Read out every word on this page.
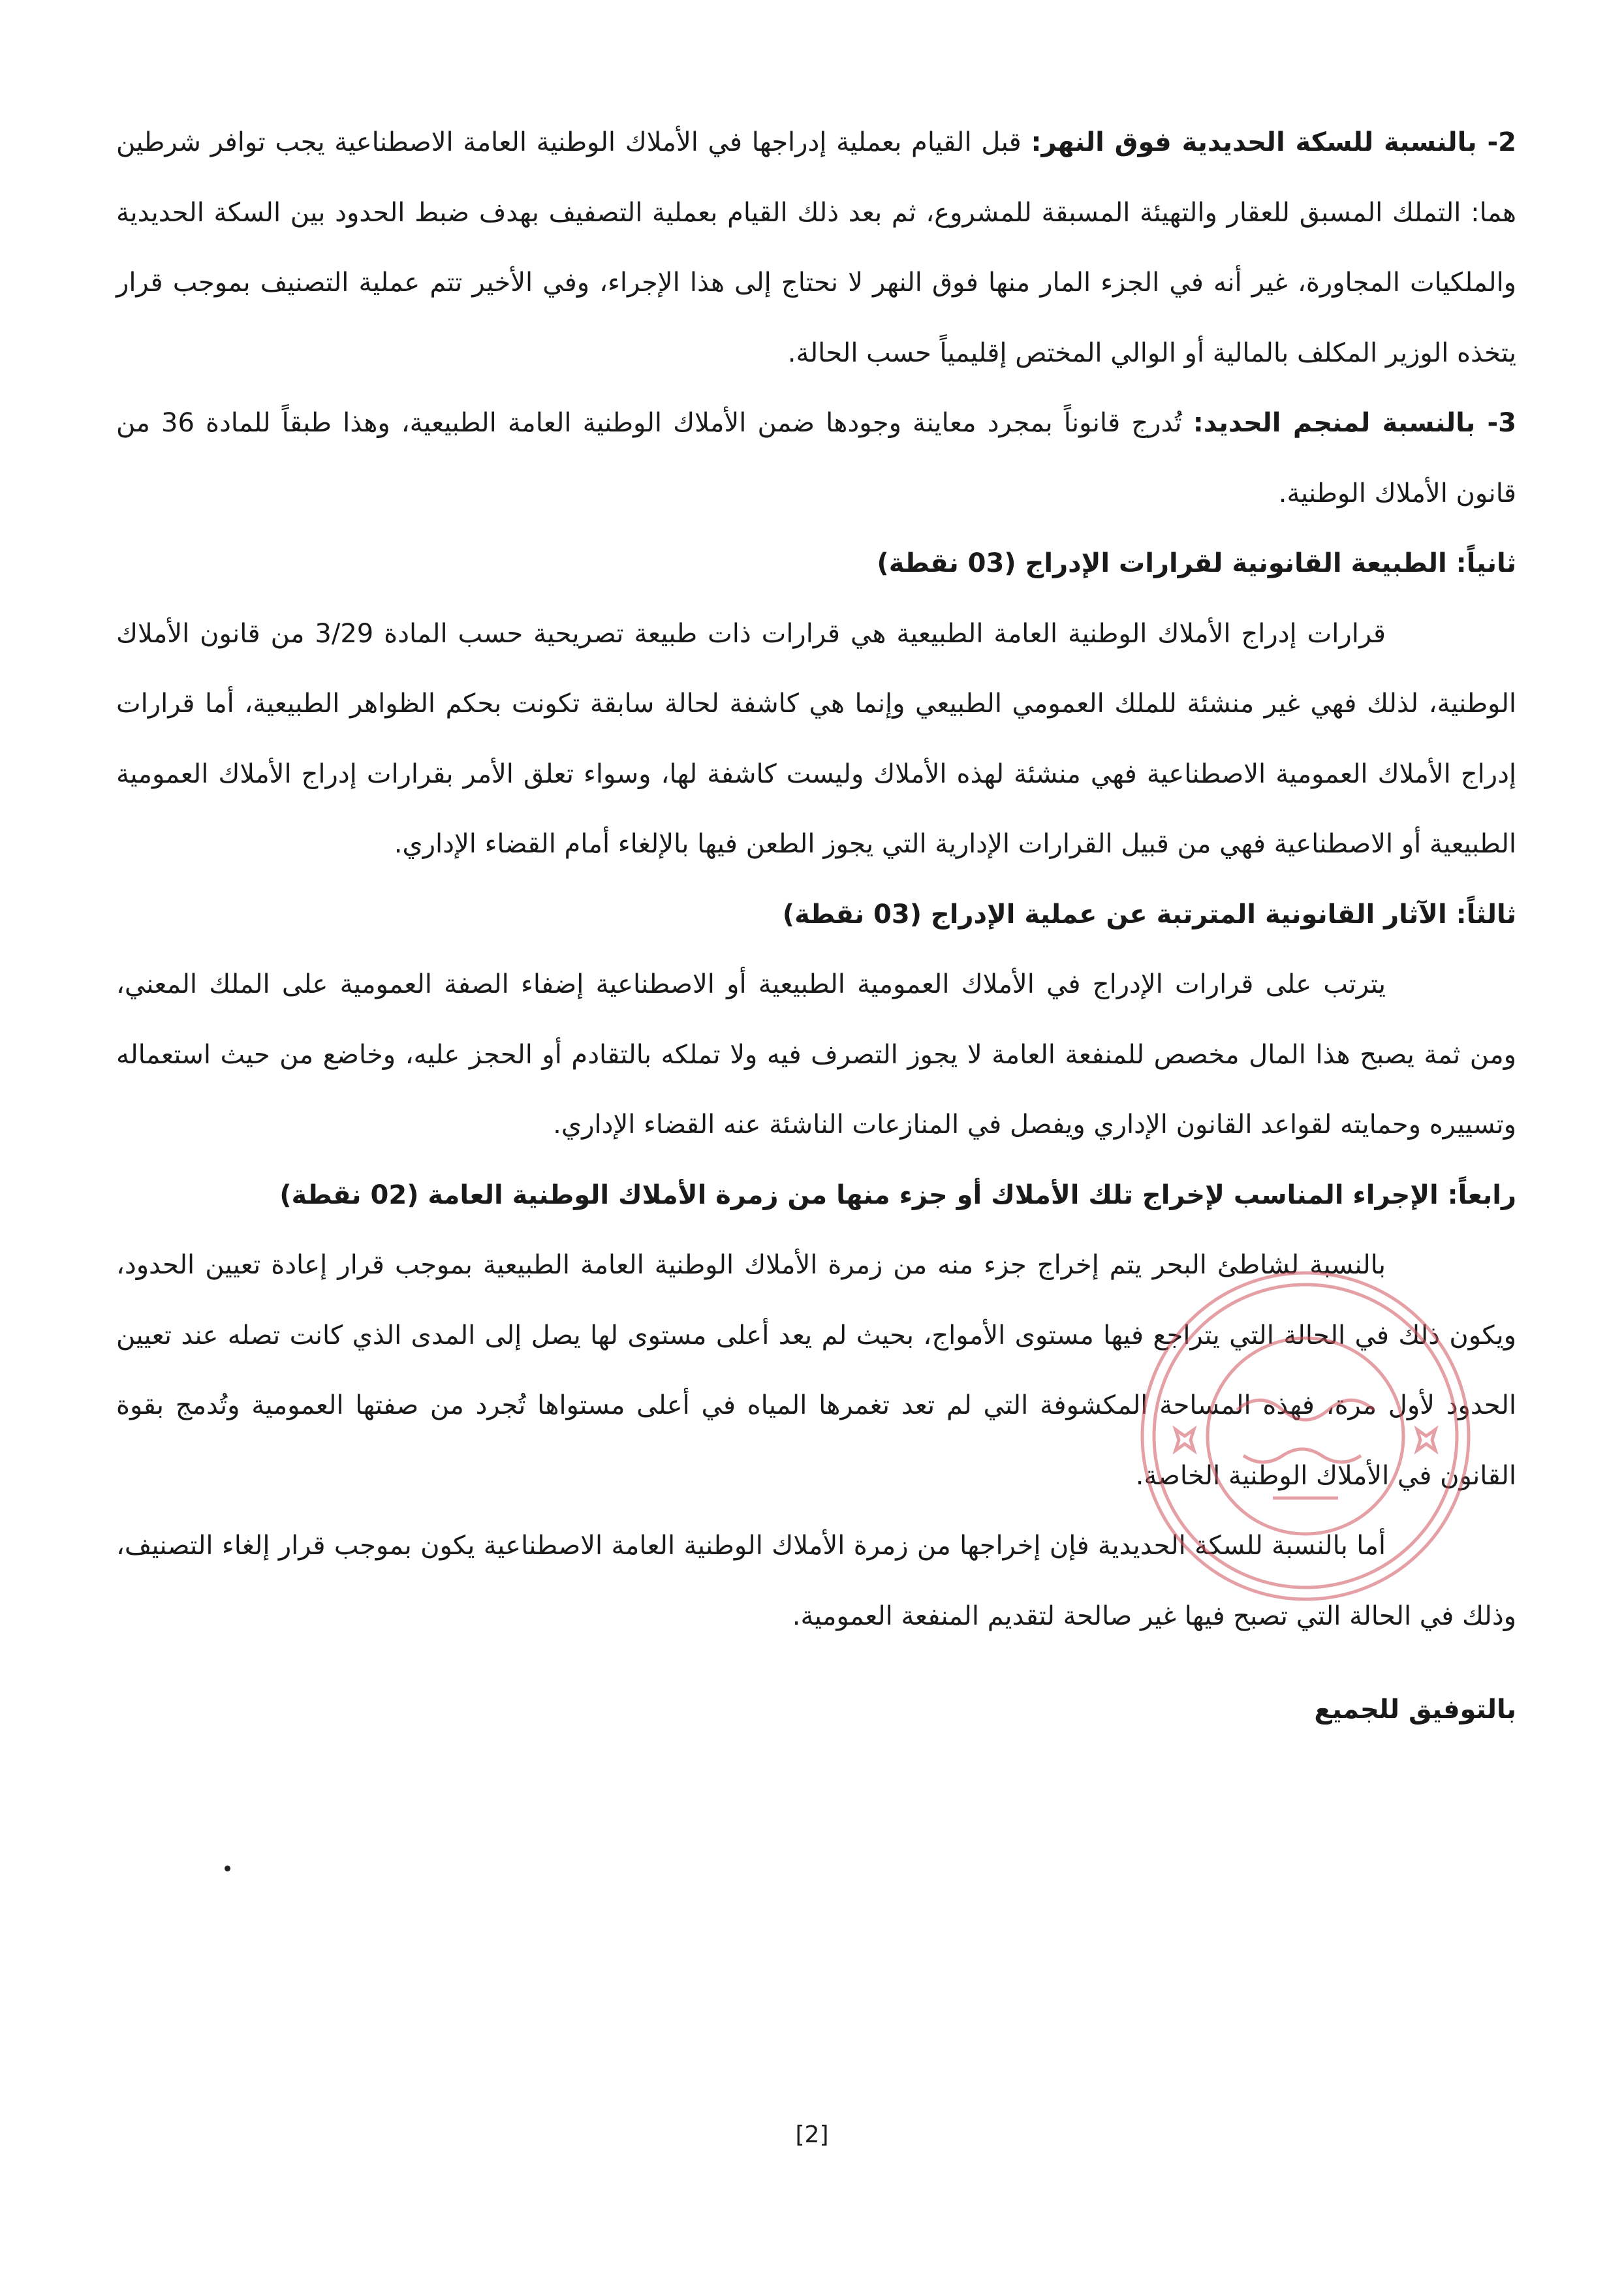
2- بالنسبة للسكة الحديدية فوق النهر: قبل القيام بعملية إدراجها في الأملاك الوطنية العامة الاصطناعية يجب توافر شرطين هما: التملك المسبق للعقار والتهيئة المسبقة للمشروع، ثم بعد ذلك القيام بعملية التصفيف بهدف ضبط الحدود بين السكة الحديدية والملكيات المجاورة، غير أنه في الجزء المار منها فوق النهر لا نحتاج إلى هذا الإجراء، وفي الأخير تتم عملية التصنيف بموجب قرار يتخذه الوزير المكلف بالمالية أو الوالي المختص إقليمياً حسب الحالة.

3- بالنسبة لمنجم الحديد: تُدرج قانوناً بمجرد معاينة وجودها ضمن الأملاك الوطنية العامة الطبيعية، وهذا طبقاً للمادة 36 من قانون الأملاك الوطنية.

ثانياً: الطبيعة القانونية لقرارات الإدراج (03 نقطة)

قرارات إدراج الأملاك الوطنية العامة الطبيعية هي قرارات ذات طبيعة تصريحية حسب المادة 3/29 من قانون الأملاك الوطنية، لذلك فهي غير منشئة للملك العمومي الطبيعي وإنما هي كاشفة لحالة سابقة تكونت بحكم الظواهر الطبيعية، أما قرارات إدراج الأملاك العمومية الاصطناعية فهي منشئة لهذه الأملاك وليست كاشفة لها، وسواء تعلق الأمر بقرارات إدراج الأملاك العمومية الطبيعية أو الاصطناعية فهي من قبيل القرارات الإدارية التي يجوز الطعن فيها بالإلغاء أمام القضاء الإداري.

ثالثاً: الآثار القانونية المترتبة عن عملية الإدراج (03 نقطة)

يترتب على قرارات الإدراج في الأملاك العمومية الطبيعية أو الاصطناعية إضفاء الصفة العمومية على الملك المعني، ومن ثمة يصبح هذا المال مخصص للمنفعة العامة لا يجوز التصرف فيه ولا تملكه بالتقادم أو الحجز عليه، وخاضع من حيث استعماله وتسييره وحمايته لقواعد القانون الإداري ويفصل في المنازعات الناشئة عنه القضاء الإداري.

رابعاً: الإجراء المناسب لإخراج تلك الأملاك أو جزء منها من زمرة الأملاك الوطنية العامة (02 نقطة)

بالنسبة لشاطئ البحر يتم إخراج جزء منه من زمرة الأملاك الوطنية العامة الطبيعية بموجب قرار إعادة تعيين الحدود، ويكون ذلك في الحالة التي يتراجع فيها مستوى الأمواج، بحيث لم يعد أعلى مستوى لها يصل إلى المدى الذي كانت تصله عند تعيين الحدود لأول مرة، فهذه المساحة المكشوفة التي لم تعد تغمرها المياه في أعلى مستواها تُجرد من صفتها العمومية وتُدمج بقوة القانون في الأملاك الوطنية الخاصة.

أما بالنسبة للسكة الحديدية فإن إخراجها من زمرة الأملاك الوطنية العامة الاصطناعية يكون بموجب قرار إلغاء التصنيف، وذلك في الحالة التي تصبح فيها غير صالحة لتقديم المنفعة العمومية.

بالتوفيق للجميع

[2]
